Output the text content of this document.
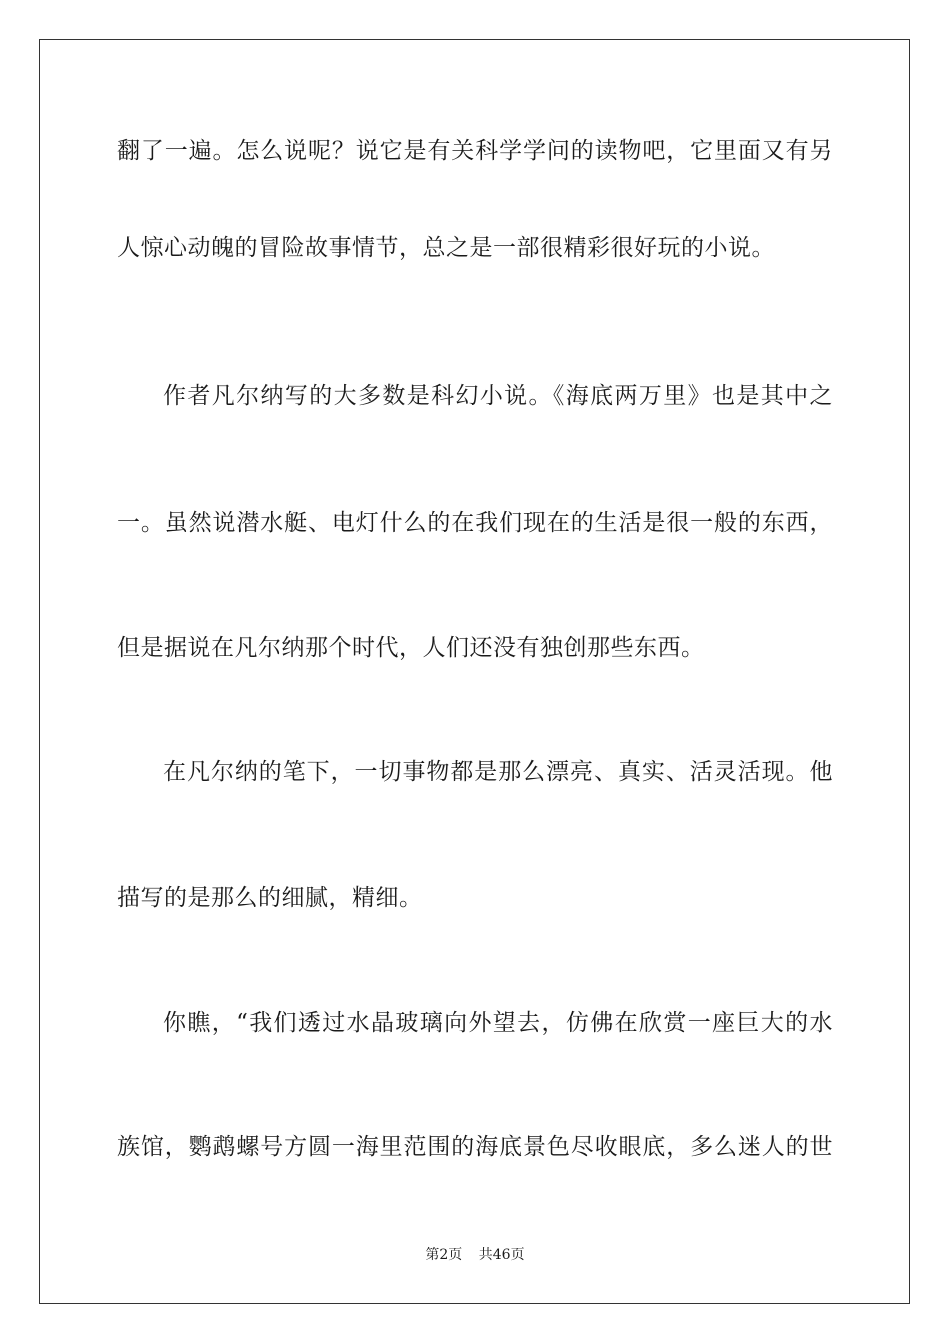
翻了一遍。怎么说呢？说它是有关科学学问的读物吧，它里面又有另
人惊心动魄的冒险故事情节，总之是一部很精彩很好玩的小说。
作者凡尔纳写的大多数是科幻小说。《海底两万里》也是其中之
一。虽然说潜水艇、电灯什么的在我们现在的生活是很一般的东西，
但是据说在凡尔纳那个时代，人们还没有独创那些东西。
在凡尔纳的笔下，一切事物都是那么漂亮、真实、活灵活现。他
描写的是那么的细腻，精细。
你瞧，“我们透过水晶玻璃向外望去，仿佛在欣赏一座巨大的水
族馆，鹦鹉螺号方圆一海里范围的海底景色尽收眼底，多么迷人的世
第2页 共46页
